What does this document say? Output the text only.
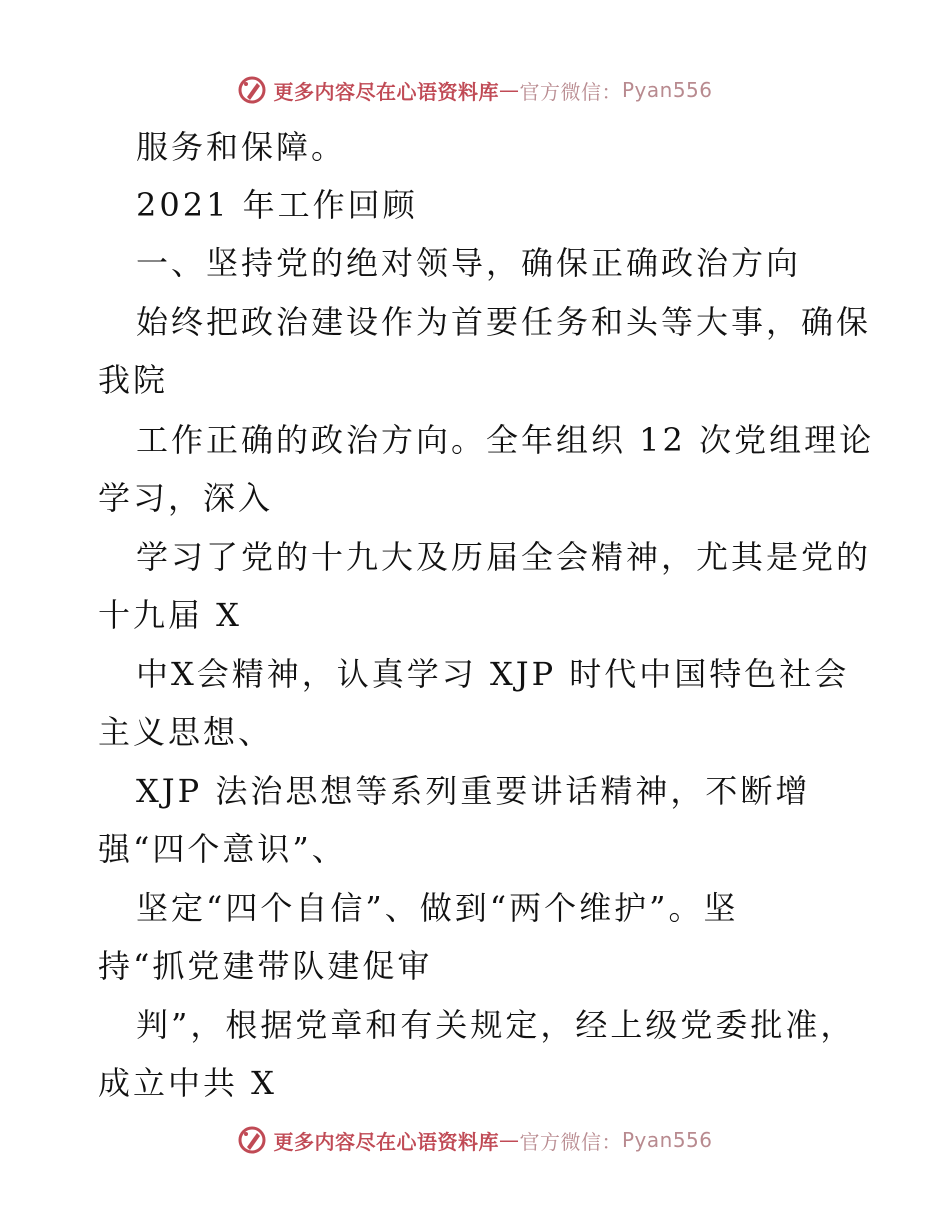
更多内容尽在心语资料库 — 官方微信： Pyan556
服务和保障。
2021 年工作回顾
一、坚持党的绝对领导，确保正确政治方向
始终把政治建设作为首要任务和头等大事，确保
我院
工作正确的政治方向。全年组织 12 次党组理论
学习，深入
学习了党的十九大及历届全会精神，尤其是党的
十九届 X
中X会精神，认真学习 XJP 时代中国特色社会
主义思想、
XJP 法治思想等系列重要讲话精神，不断增
强“四个意识”、
坚定“四个自信”、做到“两个维护”。坚
持“抓党建带队建促审
判”，根据党章和有关规定，经上级党委批准，
成立中共 X
更多内容尽在心语资料库 — 官方微信： Pyan556
